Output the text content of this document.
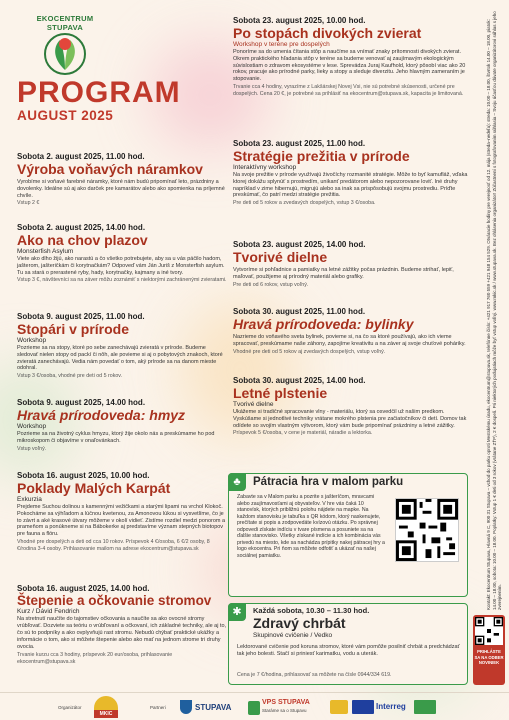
EKOCENTRUM STUPAVA
PROGRAM
AUGUST 2025
Sobota 2. august 2025, 11.00 hod.
Výroba voňavých náramkov
Vyrobíme si voňavé farebné náramky, ktoré nám budú pripomínať leto, prázdniny a dovolenky. Ideálne sú aj ako darček pre kamarátov alebo ako spomienka na príjemné chvíle.
Vstup 2 €
Sobota 2. august 2025, 14.00 hod.
Ako na chov plazov
Monsterfish Asylum
Viete ako dlho žijú, ako narastú a čo všetko potrebujete, aby sa u vás páčilo hadom, jašterom, jašteričkám či korytnačkám? Odpoveď vám Ján Juriš z Monsterfish asylum. Tu sa stará o prerastené ryby, hady, korytnačky, kajmany a iné tvory.
Vstup 3 €, návštevníci sa na záver môžu zoznámiť s niektorými zachránenými zvieratami.
Sobota 9. august 2025, 11.00 hod.
Stopári v prírode
Workshop
Pozrieme sa na stopy, ktoré po sebe zanechávajú zvieratá v prírode. Budeme sledovať nielen stopy od packí či nôh, ale povieme si aj o pobytových znakoch, ktoré zvieratá zanechávajú. Vedia nám povedať o tom, aký prírode sa na danom mieste odohral.
Vstup 3 €/osoba, vhodné pre deti od 5 rokov.
Sobota 9. august 2025, 14.00 hod.
Hravá prírodoveda: hmyz
Workshop
Pozrieme sa na životný cyklus hmyzu, ktorý žije okolo nás a preskúmame ho pod mikroskopom či objavíme v onaľovánkach.
Vstup voľný.
Sobota 16. august 2025, 10.00 hod.
Poklady Malých Karpát
Exkurzia
Prejdeme Suchou dolinou s kamennými vežičkami a starými lipami na vrchol Klokoč. Pokocháme sa výhľadom a lúčnou kvetenou, za Amonovou lúkou si vysvetlíme, čo je to závrt a aké krasové útvary môžeme v okolí vidieť. Zistíme rozdiel medzi ponorom a prameňom a ponúkneme si na Bábokerke aj predstavíme význam stepných biotopov pre fauna a flóru.
Vhodné pre dospelých a deti od cca 10 rokov. Príspevok 4 €/osoba, 6 €/2 osoby, 8 €/rodina 3-4 osoby. Prihlasovanie mailom na adrese ekocentrum@stupava.sk
Sobota 16. august 2025, 14.00 hod.
Štepenie a očkovanie stromov
Kurz / Dávid Fendrich
Na stretnutí naučíte do tajomstiev očkovania a naučíte sa ako ovocné stromy vrúbľovať. Dozviete sa teóriu o vrúbľovaní a očkovaní, ich základné techniky, ale aj to, čo sú to podpníky a ako ovplyvňujú rast stromu. Nebudú chýbať praktické ukážky a informácie o tom, ako si môžete štepenie alebo ako mať na jednom strome tri druhy ovocia.
Trvanie kurzu cca 3 hodiny, príspevok 20 eur/osoba, prihlasovanie ekocentrum@stupava.sk
Sobota 23. august 2025, 10.00 hod.
Po stopách divokých zvierat
Workshop v teréne pre dospelých
Ponoríme sa do umenia čítania stôp a naučíme sa vnímať znaky prítomnosti divokých zvierat. Okrem praktického hľadania stôp v teréne sa budeme venovať aj zaujímavým ekologickým súvislostiam o zdravom ekosystéme v lese. Sprevádza Juraj Kaufhold, ktorý pôsobí viac ako 20 rokov, pracuje ako prírodné parky, lieky a stopy a sleduje diverzitu. Jeho hlavným zameraním je stopovanie.
Trvanie cca 4 hodiny, vyrazíme z Lakšárskej Novej Vsi, nie sú potrebné skúsenosti, určené pre dospelých. Cena 20 €, je potrebné sa prihlásiť na ekocentrum@stupava.sk, kapacita je limitovaná.
Sobota 23. august 2025, 11.00 hod.
Stratégie prežitia v prírode
Interaktívny workshop
Na svoje prežitie v prírode využívajú živočíchy rozmanité stratégie. Môže to byť kamufláž, vďaka ktorej dokážu splynúť s prostredím, unikanť predátorom alebo nepozorovane loviť. Iné druhy napríklad v zime hibernujú, migrujú alebo sa inak sa prispôsobujú svojmu prostrediu. Príďte preskúmať, čo patrí medzi stratégie prežitia.
Pre deti od 5 rokov a zvedavých dospelých, vstup 3 €/osoba.
Sobota 23. august 2025, 14.00 hod.
Tvorivé dielne
Vytvoríme si pohľadnice a pamiatky na letné zážitky počas prázdnin. Budeme strihať, lepiť, maľovať, použijeme aj prírodný materiál alebo grafiky.
Pre deti od 6 rokov, vstup voľný.
Sobota 30. august 2025, 11.00 hod.
Hravá prírodoveda: bylinky
Nazrieme do voňavého sveta bylinek, povieme si, na čo sa ktoré používajú, ako ich vieme spracovať, preskúmame naše záhony, zapojíme kreativitu a na záver aj svoje chuťové poháriky.
Vhodné pre deti od 5 rokov aj zvedavých dospelých, vstup voľný.
Sobota 30. august 2025, 14.00 hod.
Letné plstenie
Tvorivé dielne
Ukážeme si tradičné spracovanie vlny - materiálu, ktorý sa osvedčil už našim predkom. Vyskúšame si jednotlivé techniky vrátane mokrého plstenia pre začiatočníkov či detí. Domov tak odídete so svojím vlastným výtvorom, ktorý vám bude pripomínať prázdniny a letné zážitky.
Príspevok 5 €/osoba, v cene je materiál, náradie a lektorka.
♣	Pátracia hra v malom parku
Zabavte sa v Malom parku a pozrite s jašteríčom, mravcami alebo zaujímavosťami aj obyvateľov. V hre vás čaká 10 stanovísk, ktorých približnú polohu nájdete na mapke. Na každom stanovisku je tabuľka s QR kódom, ktorý naskenujete, prečítate si popis a zodpovedáte kvízovú otázku. Po správnej odpovedi získate indíciu v tvare písmena a posuniete sa na ďalšie stanovisko. Všetky získané indície a ich kombinácia vás privedú na miesto, kde sa nachádza prípitky nakej pátracej hry a logo ekocentra. Pri ňom sa môžete odfotiť a ukázať na našej sociálnej pamiatku.
✱	Každá sobota, 10.30 – 11.30 hod.
Zdravý chrbát
Skupinové cvičenie / Vedko
Lektorované cvičenie pod koruna stromov, ktoré vám pomôže posilniť chrbát a predchádzať tak jeho bolesti. Stačí si priniesť karimatku, vodu a uterák.
Cena je 7 €/hodina, prihlasovať sa môžete na čísle 0944/334 619.
Kontakt: Ekocentrum Stupava, Hlavná 9 C, 900 31 Stupava – vchod do parku oproti Mestskému úradu, ekocentrum@stupava.sk, telefónne číslo: +421 917 760 559 +421 948 154 529. Otváracie hodiny pre verejnosť od 12. mája (streda–nedeľa): streda: 10.00 – 18.00, štvrtok 14.00 – 18.00, piatok: 14.00 – 18.00, sobota: 10.00 – 18.00. Poplatky: Vstup 1 € deti od 3 rokov (vrátane ZŤP), 2 € dospelí. Pri niektorých podujatiach môže byť vstup voľný. www.mkic.sk / www.stupava.sk. Bez ohlásenia organizátor! Zúčastnení s fotografovaním súhlasia – Svoju účasťou dávate organizátorovi súhlas s jeho zverejnením.
PRIHLÁSTE SA NA ODBER NOVINIEK
Organizátor
MKIC
Partneri	STUPAVA
VPS STUPAVA
Staráme sa o Stupavu	Interreg
